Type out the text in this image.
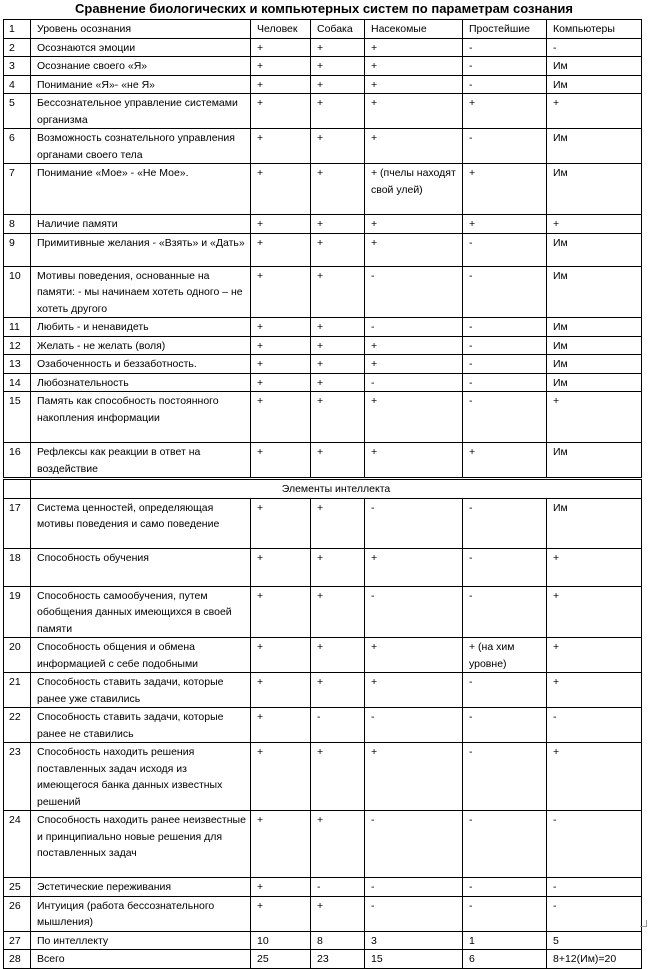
Сравнение биологических и компьютерных систем по параметрам сознания
1	Уровень осознания	Человек	Собака	Насекомые	Простейшие	Компьютеры
2	Осознаются эмоции	+	+	+	-	-
3	Осознание своего «Я»	+	+	+	-	Им
4	Понимание «Я»- «не Я»	+	+	+	-	Им
5	Бессознательное управление системами организма	+	+	+	+	+
6	Возможность сознательного управления органами своего тела	+	+	+	-	Им
7	Понимание «Мое» - «Не Мое».	+	+	+ (пчелы находят свой улей)	+	Им
8	Наличие памяти	+	+	+	+	+
9	Примитивные желания - «Взять» и «Дать»	+	+	+	-	Им
10	Мотивы поведения, основанные на памяти: - мы начинаем хотеть одного – не хотеть другого	+	+	-	-	Им
11	Любить - и ненавидеть	+	+	-	-	Им
12	Желать - не желать (воля)	+	+	+	-	Им
13	Озабоченность и беззаботность.	+	+	+	-	Им
14	Любознательность	+	+	-	-	Им
15	Память как способность постоянного накопления информации	+	+	+	-	+
16	Рефлексы как реакции в ответ на воздействие	+	+	+	+	Им
	Элементы интеллекта					
17	Система ценностей, определяющая мотивы поведения и само поведение	+	+	-	-	Им
18	Способность обучения	+	+	+	-	+
19	Способность самообучения, путем обобщения данных имеющихся в своей памяти	+	+	-	-	+
20	Способность общения и обмена информацией с себе подобными	+	+	+	+ (на хим уровне)	+
21	Способность ставить задачи, которые ранее уже ставились	+	+	+	-	+
22	Способность ставить задачи, которые ранее не ставились	+	-	-	-	-
23	Способность находить решения поставленных задач исходя из имеющегося банка данных известных решений	+	+	+	-	+
24	Способность находить ранее неизвестные и принципиально новые решения для поставленных задач	+	+	-	-	-
25	Эстетические переживания	+	-	-	-	-
26	Интуиция (работа бессознательного мышления)	+	+	-	-	-
27	По интеллекту	10	8	3	1	5
28	Всего	25	23	15	6	8+12(Им)=20
